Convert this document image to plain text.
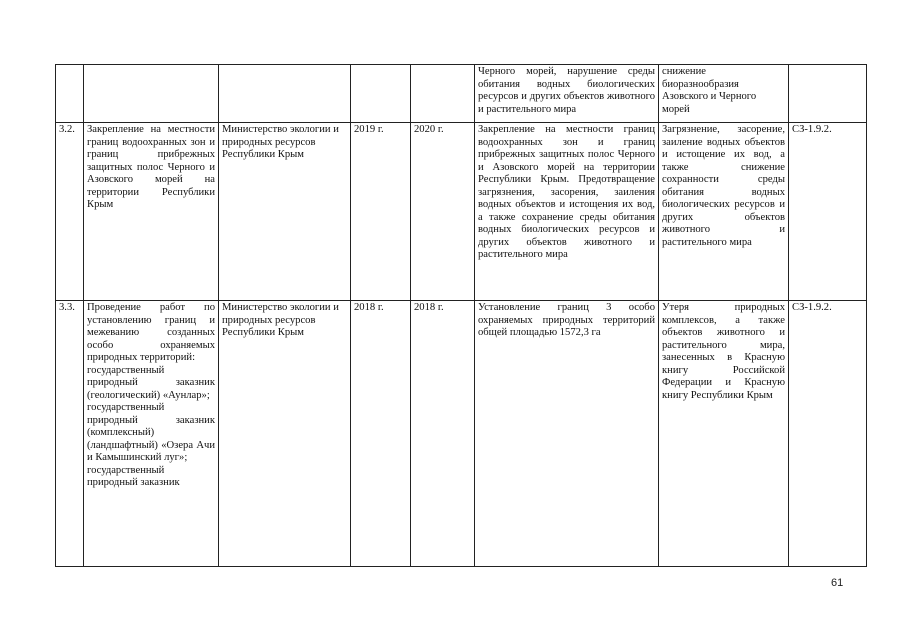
					Черного морей, нарушение среды обитания водных биологических ресурсов и других объектов животного и растительного мира	снижение биоразнообразия Азовского и Черного морей	
3.2.	Закрепление на местности границ водоохранных зон и границ прибрежных защитных полос Черного и Азовского морей на территории Республики Крым	Министерство экологии и природных ресурсов Республики Крым	2019 г.	2020 г.	Закрепление на местности границ водоохранных зон и границ прибрежных защитных полос Черного и Азовского морей на территории Республики Крым. Предотвращение загрязнения, засорения, заиления водных объектов и истощения их вод, а также сохранение среды обитания водных биологических ресурсов и других объектов животного и растительного мира	Загрязнение, засорение, заиление водных объектов и истощение их вод, а также снижение сохранности среды обитания водных биологических ресурсов и других объектов животного и растительного мира	СЗ-1.9.2.
3.3.	Проведение работ по установлению границ и межеванию созданных особо охраняемых природных территорий:
государственный природный заказник (геологический) «Аунлар»;
государственный природный заказник (комплексный) (ландшафтный) «Озера Ачи и Камышинский луг»;
государственный природный заказник	Министерство экологии и природных ресурсов Республики Крым	2018 г.	2018 г.	Установление границ 3 особо охраняемых природных территорий общей площадью 1572,3 га	Утеря природных комплексов, а также объектов животного и растительного мира, занесенных в Красную книгу Российской Федерации и Красную книгу Республики Крым	СЗ-1.9.2.
61
